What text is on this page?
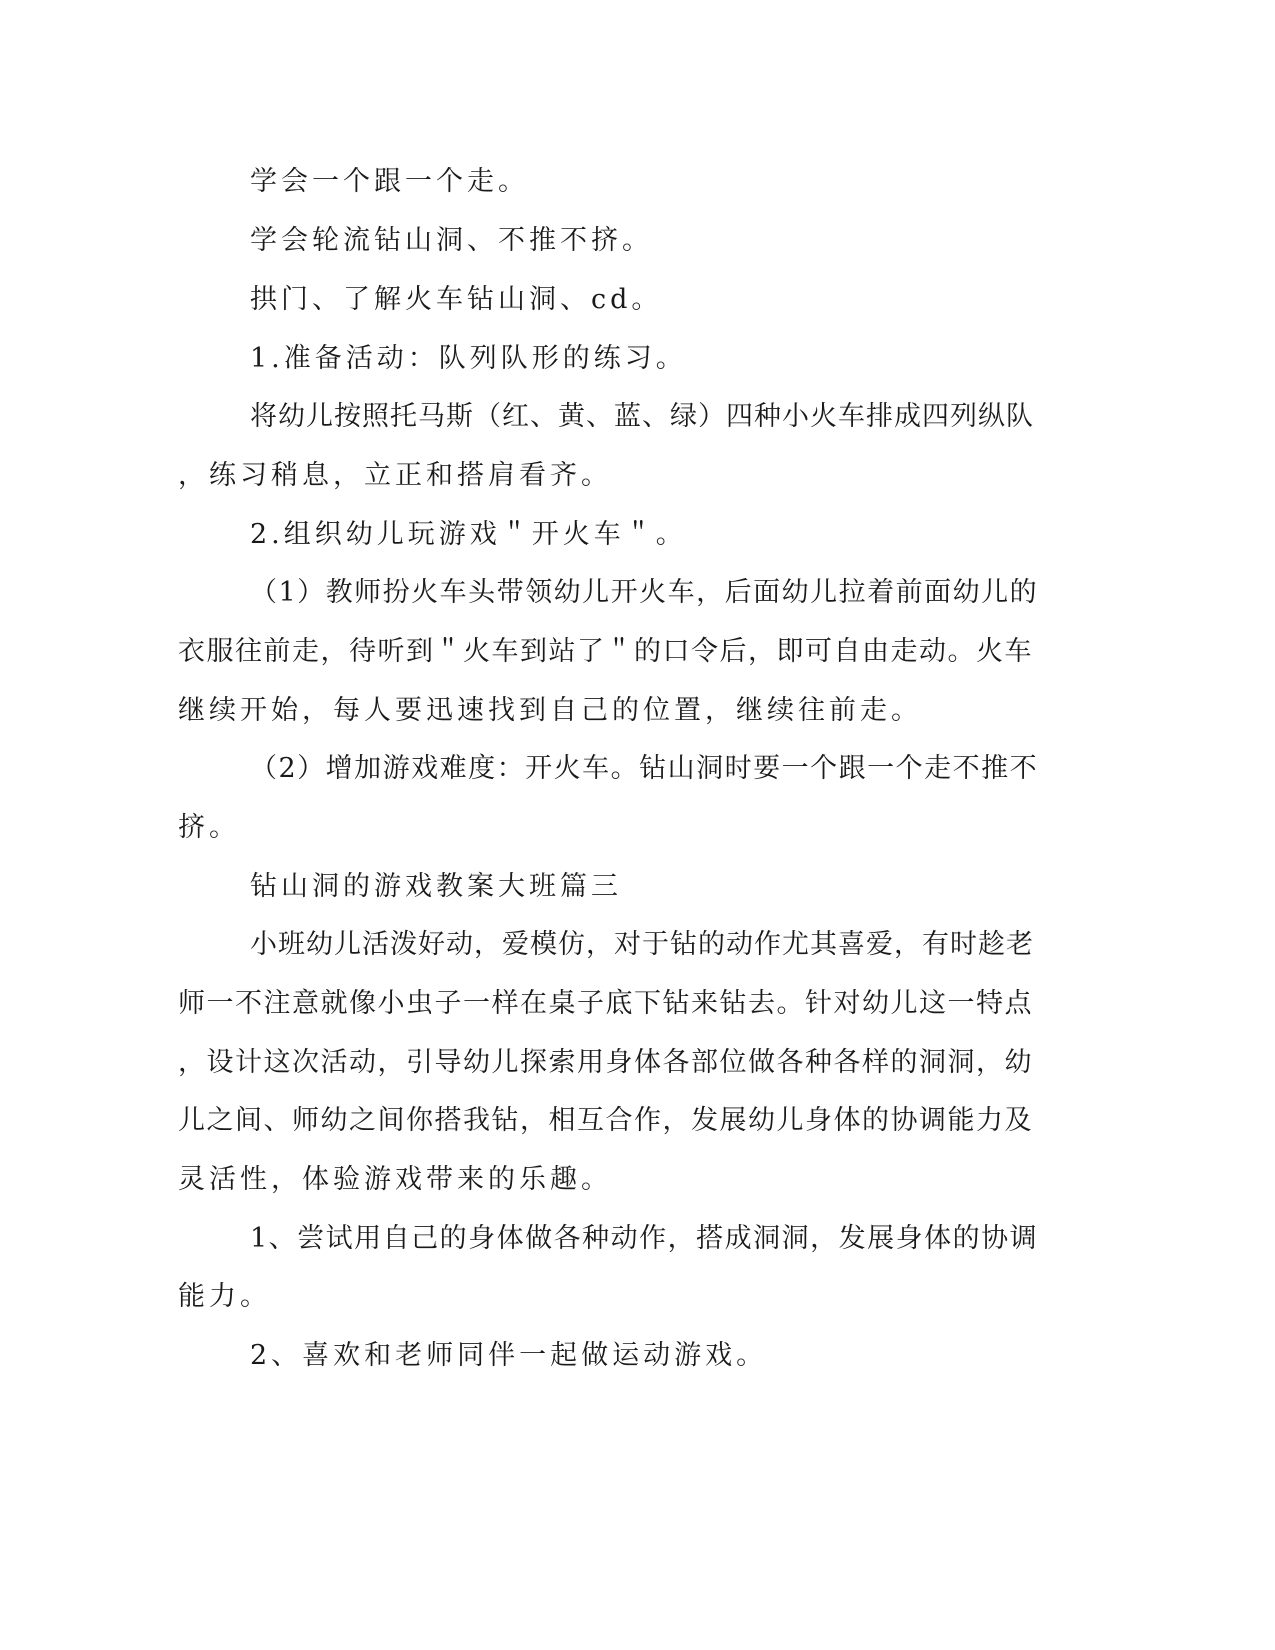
学会一个跟一个走。
学会轮流钻山洞、不推不挤。
拱门、了解火车钻山洞、cd。
1.准备活动：队列队形的练习。
将幼儿按照托马斯（红、黄、蓝、绿）四种小火车排成四列纵队
，练习稍息，立正和搭肩看齐。
2.组织幼儿玩游戏＂开火车＂。
（1）教师扮火车头带领幼儿开火车，后面幼儿拉着前面幼儿的
衣服往前走，待听到＂火车到站了＂的口令后，即可自由走动。火车
继续开始，每人要迅速找到自己的位置，继续往前走。
（2）增加游戏难度：开火车。钻山洞时要一个跟一个走不推不
挤。
钻山洞的游戏教案大班篇三
小班幼儿活泼好动，爱模仿，对于钻的动作尤其喜爱，有时趁老
师一不注意就像小虫子一样在桌子底下钻来钻去。针对幼儿这一特点
，设计这次活动，引导幼儿探索用身体各部位做各种各样的洞洞，幼
儿之间、师幼之间你搭我钻，相互合作，发展幼儿身体的协调能力及
灵活性，体验游戏带来的乐趣。
1、尝试用自己的身体做各种动作，搭成洞洞，发展身体的协调
能力。
2、喜欢和老师同伴一起做运动游戏。
